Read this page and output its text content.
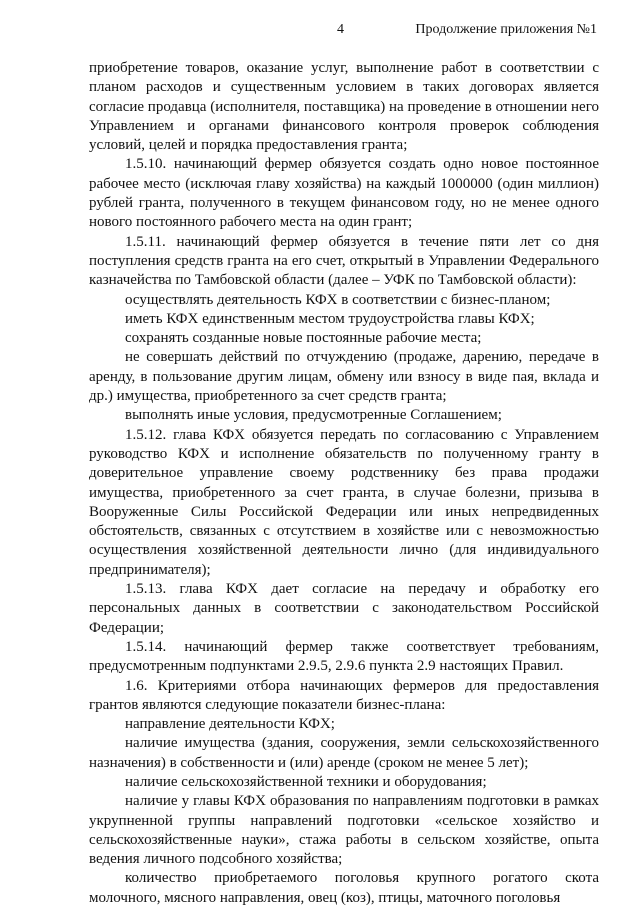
4	Продолжение приложения №1

приобретение товаров, оказание услуг, выполнение работ в соответствии с планом расходов и существенным условием в таких договорах является согласие продавца (исполнителя, поставщика) на проведение в отношении него Управлением и органами финансового контроля проверок соблюдения условий, целей и порядка предоставления гранта;

1.5.10. начинающий фермер обязуется создать одно новое постоянное рабочее место (исключая главу хозяйства) на каждый 1000000 (один миллион) рублей гранта, полученного в текущем финансовом году, но не менее одного нового постоянного рабочего места на один грант;

1.5.11. начинающий фермер обязуется в течение пяти лет со дня поступления средств гранта на его счет, открытый в Управлении Федерального казначейства по Тамбовской области (далее – УФК по Тамбовской области):

осуществлять деятельность КФХ в соответствии с бизнес-планом;

иметь КФХ единственным местом трудоустройства главы КФХ;

сохранять созданные новые постоянные рабочие места;

не совершать действий по отчуждению (продаже, дарению, передаче в аренду, в пользование другим лицам, обмену или взносу в виде пая, вклада и др.) имущества, приобретенного за счет средств гранта;

выполнять иные условия, предусмотренные Соглашением;

1.5.12. глава КФХ обязуется передать по согласованию с Управлением руководство КФХ и исполнение обязательств по полученному гранту в доверительное управление своему родственнику без права продажи имущества, приобретенного за счет гранта, в случае болезни, призыва в Вооруженные Силы Российской Федерации или иных непредвиденных обстоятельств, связанных с отсутствием в хозяйстве или с невозможностью осуществления хозяйственной деятельности лично (для индивидуального предпринимателя);

1.5.13. глава КФХ дает согласие на передачу и обработку его персональных данных в соответствии с законодательством Российской Федерации;

1.5.14. начинающий фермер также соответствует требованиям, предусмотренным подпунктами 2.9.5, 2.9.6 пункта 2.9 настоящих Правил.

1.6. Критериями отбора начинающих фермеров для предоставления грантов являются следующие показатели бизнес-плана:

направление деятельности КФХ;

наличие имущества (здания, сооружения, земли сельскохозяйственного назначения) в собственности и (или) аренде (сроком не менее 5 лет);

наличие сельскохозяйственной техники и оборудования;

наличие у главы КФХ образования по направлениям подготовки в рамках укрупненной группы направлений подготовки «сельское хозяйство и сельскохозяйственные науки», стажа работы в сельском хозяйстве, опыта ведения личного подсобного хозяйства;

количество приобретаемого поголовья крупного рогатого скота молочного, мясного направления, овец (коз), птицы, маточного поголовья
